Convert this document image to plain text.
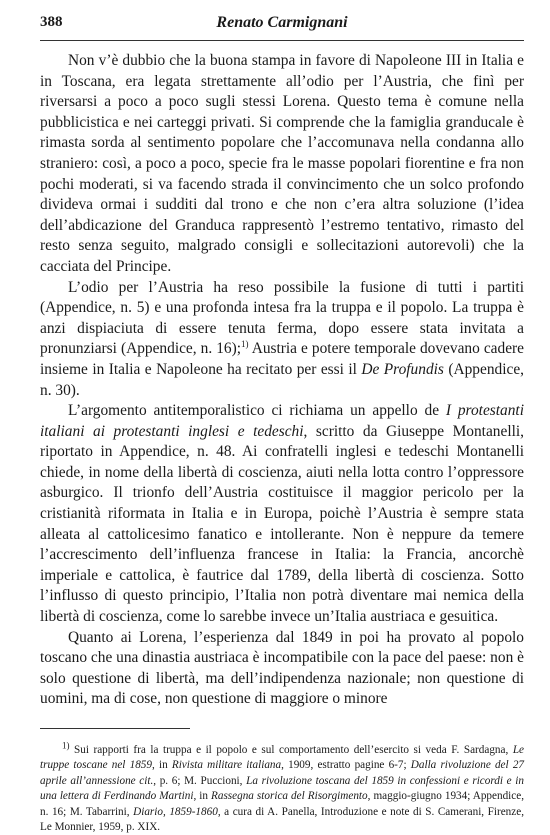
388	Renato Carmignani

Non v’è dubbio che la buona stampa in favore di Napoleone III in Italia e in Toscana, era legata strettamente all’odio per l’Austria, che finì per riversarsi a poco a poco sugli stessi Lorena. Questo tema è comune nella pubblicistica e nei carteggi privati. Si comprende che la famiglia granducale è rimasta sorda al sentimento popolare che l’accomunava nella condanna allo straniero: così, a poco a poco, specie fra le masse popolari fiorentine e fra non pochi moderati, si va facendo strada il convincimento che un solco profondo divideva ormai i sudditi dal trono e che non c’era altra soluzione (l’idea dell’abdicazione del Granduca rappresentò l’estremo tentativo, rimasto del resto senza seguito, malgrado consigli e sollecitazioni autorevoli) che la cacciata del Principe.

L’odio per l’Austria ha reso possibile la fusione di tutti i partiti (Appendice, n. 5) e una profonda intesa fra la truppa e il popolo. La truppa è anzi dispiaciuta di essere tenuta ferma, dopo essere stata invitata a pronunziarsi (Appendice, n. 16);$^{1)}$ Austria e potere temporale dovevano cadere insieme in Italia e Napoleone ha recitato per essi il De Profundis (Appendice, n. 30).

L’argomento antitemporalistico ci richiama un appello de I protestanti italiani ai protestanti inglesi e tedeschi, scritto da Giuseppe Montanelli, riportato in Appendice, n. 48. Ai confratelli inglesi e tedeschi Montanelli chiede, in nome della libertà di coscienza, aiuti nella lotta contro l’oppressore asburgico. Il trionfo dell’Austria costituisce il maggior pericolo per la cristianità riformata in Italia e in Europa, poichè l’Austria è sempre stata alleata al cattolicesimo fanatico e intollerante. Non è neppure da temere l’accrescimento dell’influenza francese in Italia: la Francia, ancorchè imperiale e cattolica, è fautrice dal 1789, della libertà di coscienza. Sotto l’influsso di questo principio, l’Italia non potrà diventare mai nemica della libertà di coscienza, come lo sarebbe invece un’Italia austriaca e gesuitica.

Quanto ai Lorena, l’esperienza dal 1849 in poi ha provato al popolo toscano che una dinastia austriaca è incompatibile con la pace del paese: non è solo questione di libertà, ma dell’indipendenza nazionale; non questione di uomini, ma di cose, non questione di maggiore o minore

$^{1)}$ Sui rapporti fra la truppa e il popolo e sul comportamento dell’esercito si veda F. Sardagna, Le truppe toscane nel 1859, in Rivista militare italiana, 1909, estratto pagine 6-7; Dalla rivoluzione del 27 aprile all’annessione cit., p. 6; M. Puccioni, La rivoluzione toscana del 1859 in confessioni e ricordi e in una lettera di Ferdinando Martini, in Rassegna storica del Risorgimento, maggio-giugno 1934; Appendice, n. 16; M. Tabarrini, Diario, 1859-1860, a cura di A. Panella, Introduzione e note di S. Camerani, Firenze, Le Monnier, 1959, p. XIX.
